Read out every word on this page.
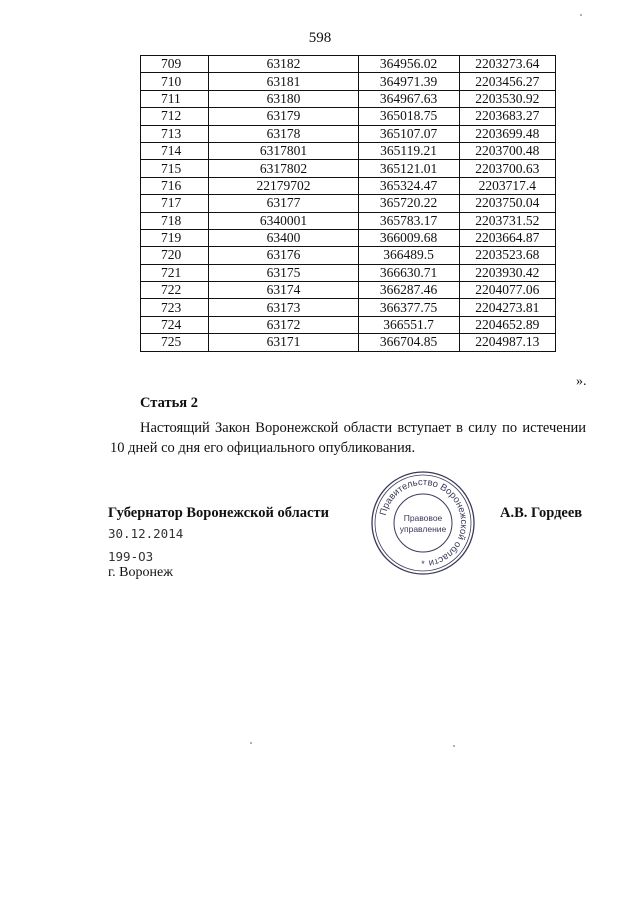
598
709	63182	364956.02	2203273.64
710	63181	364971.39	2203456.27
711	63180	364967.63	2203530.92
712	63179	365018.75	2203683.27
713	63178	365107.07	2203699.48
714	6317801	365119.21	2203700.48
715	6317802	365121.01	2203700.63
716	22179702	365324.47	2203717.4
717	63177	365720.22	2203750.04
718	6340001	365783.17	2203731.52
719	63400	366009.68	2203664.87
720	63176	366489.5	2203523.68
721	63175	366630.71	2203930.42
722	63174	366287.46	2204077.06
723	63173	366377.75	2204273.81
724	63172	366551.7	2204652.89
725	63171	366704.85	2204987.13
».
Статья 2
Настоящий Закон Воронежской области вступает в силу по истечении 10 дней со дня его официального опубликования.
Губернатор Воронежской области
30.12.2014
199-ОЗ
г. Воронеж
А.В. Гордеев
Правительство Воронежской области
Правовое
управление
*
